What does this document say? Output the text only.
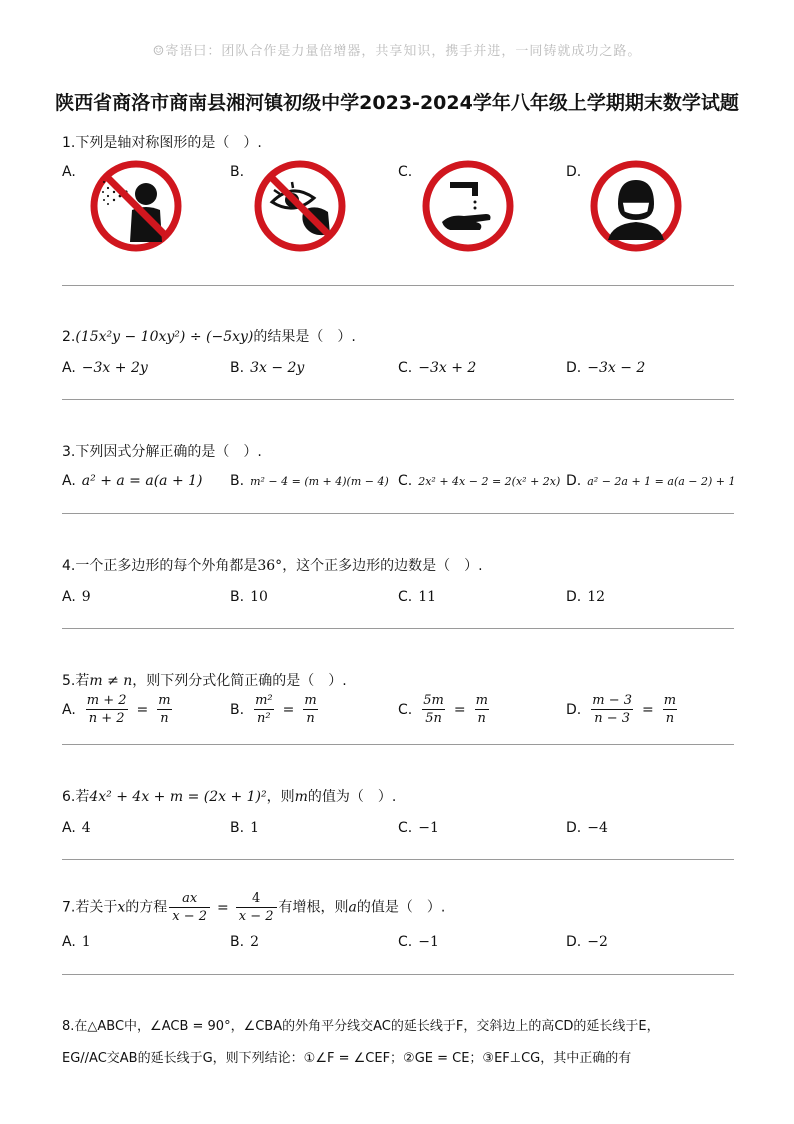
☺寄语曰：团队合作是力量倍增器，共享知识，携手并进，一同铸就成功之路。
陕西省商洛市商南县湘河镇初级中学2023-2024学年八年级上学期期末数学试题
1.下列是轴对称图形的是（　）.
A.	B.	C.	D.
2.(15x²y − 10xy²) ÷ (−5xy)的结果是（　）.
A. −3x + 2y	B. 3x − 2y	C. −3x + 2	D. −3x − 2
3.下列因式分解正确的是（　）.
A. a² + a = a(a + 1) B. m² − 4 = (m + 4)(m − 4) C. 2x² + 4x − 2 = 2(x² + 2x) D. a² − 2a + 1 = a(a − 2) + 1
4.一个正多边形的每个外角都是36°，这个正多边形的边数是（　）.
A. 9	B. 10	C. 11	D. 12
5.若m ≠ n，则下列分式化简正确的是（　）.
A. $\frac{m + 2}{n + 2} = \frac{m}{n}$	B. $\frac{\text{m²}}{\text{n²}} = \frac{m}{n}$	C. $\frac{5m}{5n} = \frac{m}{n}$	D. $\frac{m - 3}{n - 3} = \frac{m}{n}$
6.若4x² + 4x + m = (2x + 1)²，则m的值为（　）.
A. 4	B. 1	C. −1	D. −4
7.若关于x的方程 $\frac{ax}{x - 2} = \frac{4}{x - 2}$ 有增根，则a的值是（　）.
A. 1	B. 2	C. −1	D. −2
8.在△ABC中，∠ACB = 90°，∠CBA的外角平分线交AC的延长线于F，交斜边上的高CD的延长线于E，
EG//AC交AB的延长线于G，则下列结论：①∠F = ∠CEF；②GE = CE；③EF⊥CG，其中正确的有
